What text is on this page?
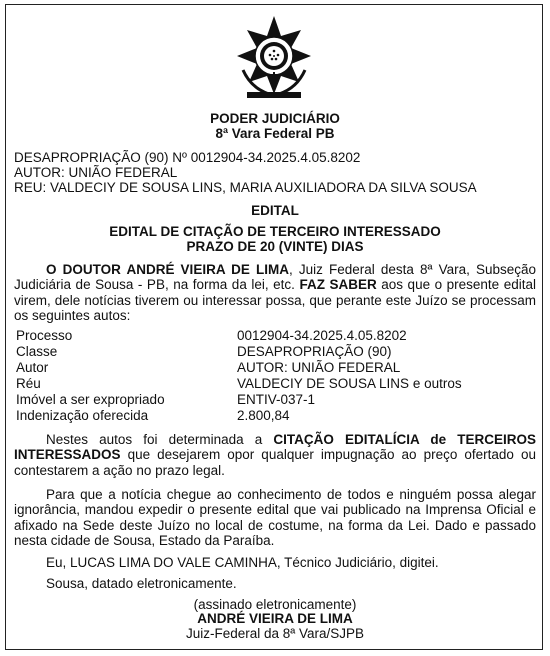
PODER JUDICIÁRIO
8ª Vara Federal PB
DESAPROPRIAÇÃO (90) Nº 0012904-34.2025.4.05.8202
AUTOR: UNIÃO FEDERAL
REU: VALDECIY DE SOUSA LINS, MARIA AUXILIADORA DA SILVA SOUSA
EDITAL
EDITAL DE CITAÇÃO DE TERCEIRO INTERESSADO
PRAZO DE 20 (VINTE) DIAS
O DOUTOR ANDRÉ VIEIRA DE LIMA, Juiz Federal desta 8ª Vara, Subseção Judiciária de Sousa - PB, na forma da lei, etc. FAZ SABER aos que o presente edital virem, dele notícias tiverem ou interessar possa, que perante este Juízo se processam os seguintes autos:
Processo	0012904-34.2025.4.05.8202
Classe	DESAPROPRIAÇÃO (90)
Autor	AUTOR: UNIÃO FEDERAL
Réu	VALDECIY DE SOUSA LINS e outros
Imóvel a ser expropriado	ENTIV-037-1
Indenização oferecida	2.800,84
Nestes autos foi determinada a CITAÇÃO EDITALÍCIA de TERCEIROS INTERESSADOS que desejarem opor qualquer impugnação ao preço ofertado ou contestarem a ação no prazo legal.
Para que a notícia chegue ao conhecimento de todos e ninguém possa alegar ignorância, mandou expedir o presente edital que vai publicado na Imprensa Oficial e afixado na Sede deste Juízo no local de costume, na forma da Lei. Dado e passado nesta cidade de Sousa, Estado da Paraíba.
Eu, LUCAS LIMA DO VALE CAMINHA, Técnico Judiciário, digitei.
Sousa, datado eletronicamente.
(assinado eletronicamente)
ANDRÉ VIEIRA DE LIMA
Juiz-Federal da 8ª Vara/SJPB
